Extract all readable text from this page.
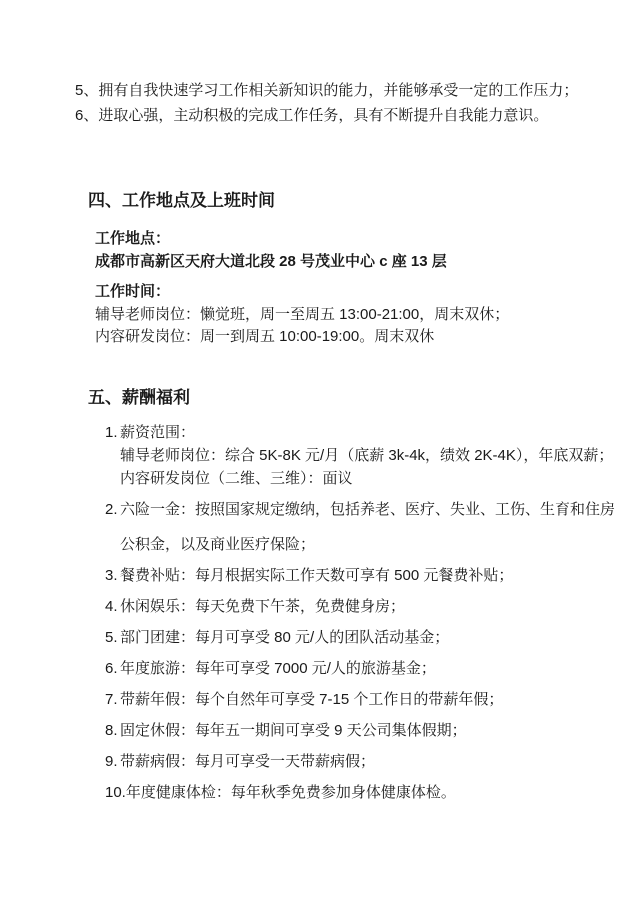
5、拥有自我快速学习工作相关新知识的能力，并能够承受一定的工作压力；
6、进取心强，主动积极的完成工作任务，具有不断提升自我能力意识。
四、工作地点及上班时间
工作地点：
成都市高新区天府大道北段 28 号茂业中心 c 座 13 层
工作时间：
辅导老师岗位：懒觉班，周一至周五 13:00-21:00，周末双休；
内容研发岗位：周一到周五 10:00-19:00。周末双休
五、薪酬福利
1. 薪资范围：
辅导老师岗位：综合 5K-8K 元/月（底薪 3k-4k，绩效 2K-4K），年底双薪；
内容研发岗位（二维、三维）：面议
2. 六险一金：按照国家规定缴纳，包括养老、医疗、失业、工伤、生育和住房
公积金，以及商业医疗保险；
3. 餐费补贴：每月根据实际工作天数可享有 500 元餐费补贴；
4. 休闲娱乐：每天免费下午茶，免费健身房；
5. 部门团建：每月可享受 80 元/人的团队活动基金；
6. 年度旅游：每年可享受 7000 元/人的旅游基金；
7. 带薪年假：每个自然年可享受 7-15 个工作日的带薪年假；
8. 固定休假：每年五一期间可享受 9 天公司集体假期；
9. 带薪病假：每月可享受一天带薪病假；
10. 年度健康体检：每年秋季免费参加身体健康体检。
